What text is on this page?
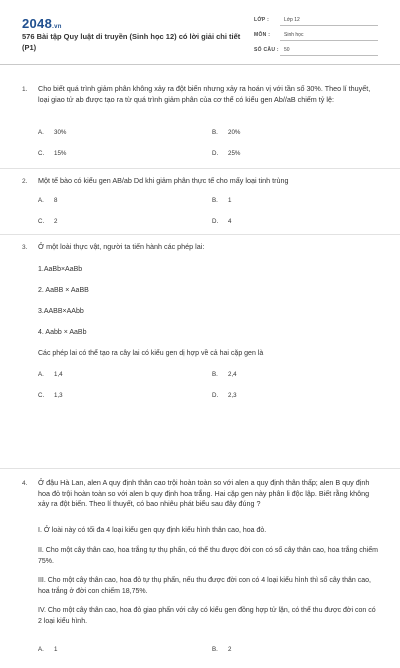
2048.vn
576 Bài tập Quy luật di truyền (Sinh học 12) có lời giải chi tiết (P1)
LỚP :	Lớp 12
MÔN :	Sinh học
SỐ CÂU : 50
1. Cho biết quá trình giảm phân không xảy ra đột biến nhưng xảy ra hoán vị với tần số 30%. Theo lí thuyết, loại giao tử ab được tạo ra từ quá trình giảm phân của cơ thể có kiểu gen Ab//aB chiếm tỷ lệ:
A. 30%	B. 20%
C. 15%	D. 25%
2. Một tế bào có kiểu gen AB/ab Dd khi giảm phân thực tế cho mấy loại tinh trùng
A. 8	B. 1
C. 2	D. 4
3. Ở một loài thực vật, người ta tiến hành các phép lai:
1.AaBb×AaBb
2. AaBB × AaBB
3.AABB×AAbb
4. Aabb × AaBb
Các phép lai có thể tạo ra cây lai có kiểu gen dị hợp về cả hai cặp gen là
A. 1,4	B. 2,4
C. 1,3	D. 2,3
4. Ở đậu Hà Lan, alen A quy định thân cao trội hoàn toàn so với alen a quy định thân thấp; alen B quy định hoa đỏ trội hoàn toàn so với alen b quy định hoa trắng. Hai cặp gen này phân li độc lập. Biết rằng không xảy ra đột biến. Theo lí thuyết, có bao nhiêu phát biểu sau đây đúng ?
I. Ở loài này có tối đa 4 loại kiểu gen quy định kiểu hình thân cao, hoa đỏ.
II. Cho một cây thân cao, hoa trắng tự thụ phấn, có thể thu được đời con có số cây thân cao, hoa trắng chiếm 75%.
III. Cho một cây thân cao, hoa đỏ tự thụ phấn, nếu thu được đời con có 4 loại kiểu hình thì số cây thân cao, hoa trắng ở đời con chiếm 18,75%.
IV. Cho một cây thân cao, hoa đỏ giao phấn với cây có kiểu gen đồng hợp tử lặn, có thể thu được đời con có 2 loại kiểu hình.
A. 1	B. 2
